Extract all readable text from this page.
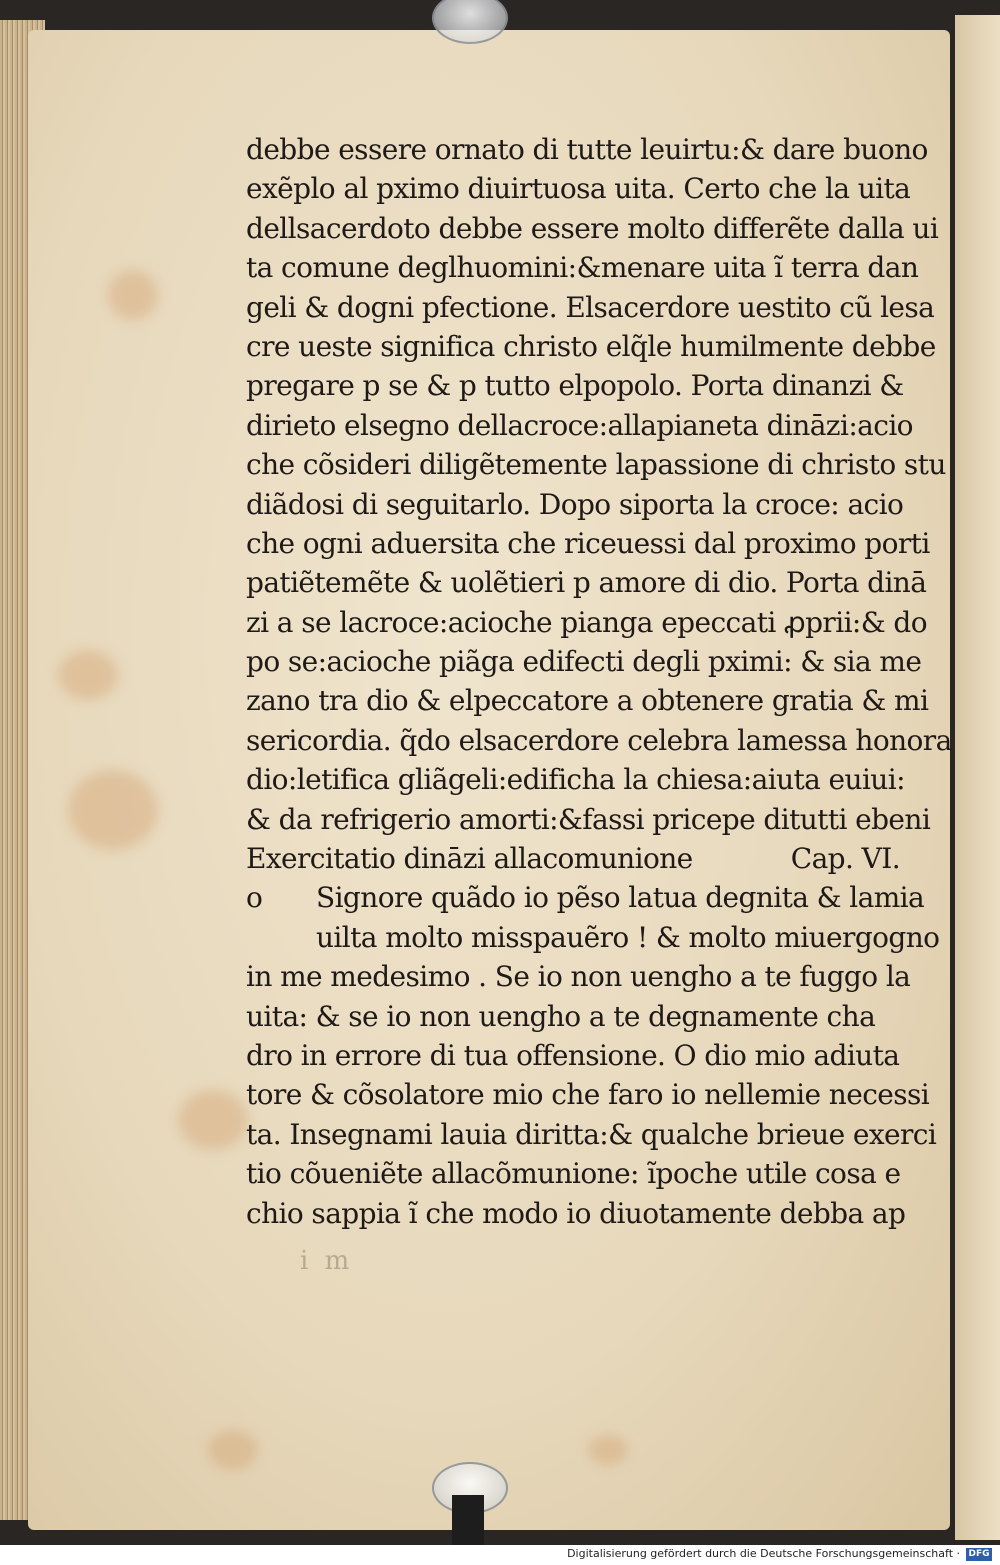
debbe essere ornato di tutte leuirtu:& dare buono
exẽplo al pximo diuirtuosa uita. Certo che la uita
dellsacerdoto debbe essere molto differẽte dalla ui
ta comune deglhuomini:&menare uita ĩ terra dan
geli & dogni pfectione. Elsacerdore uestito cũ lesa
cre ueste significa christo elq̃le humilmente debbe
pregare p se & p tutto elpopolo. Porta dinanzi &
dirieto elsegno dellacroce:allapianeta dināzi:acio
che cõsideri diligẽtemente lapassione di christo stu
diãdosi di seguitarlo. Dopo siporta la croce: acio
che ogni aduersita che riceuessi dal proximo porti
patiẽtemẽte & uolẽtieri p amore di dio. Porta dinā
zi a se lacroce:acioche pianga epeccati ꝓprii:& do
po se:acioche piãga edifecti degli pximi: & sia me
zano tra dio & elpeccatore a obtenere gratia & mi
sericordia. q̃do elsacerdore celebra lamessa honora
dio:letifica gliãgeli:edificha la chiesa:aiuta euiui:
& da refrigerio amorti:&fassi pricepe ditutti ebeni
Exercitatio dināzi allacomunione	Cap. VI.
o Signore quãdo io pẽso latua degnita & lamia
uilta molto misspauẽro ! & molto miuergogno
in me medesimo . Se io non uengho a te fuggo la
uita: & se io non uengho a te degnamente cha
dro in errore di tua offensione. O dio mio adiuta
tore & cõsolatore mio che faro io nellemie necessi
ta. Insegnami lauia diritta:& qualche brieue exerci
tio cõueniẽte allacõmunione: ĩpoche utile cosa e
chio sappia ĩ che modo io diuotamente debba ap
i m
Digitalisierung gefördert durch die Deutsche Forschungsgemeinschaft · DFG
